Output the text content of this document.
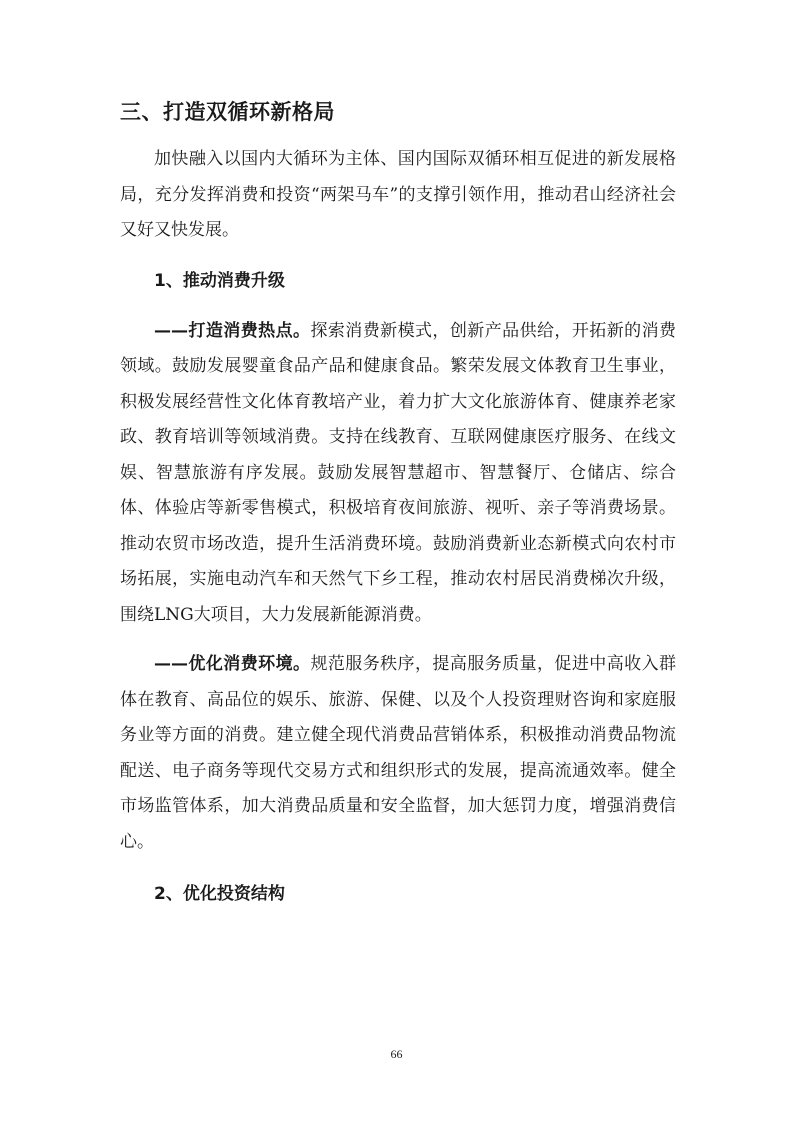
三、打造双循环新格局

加快融入以国内大循环为主体、国内国际双循环相互促进的新发展格局，充分发挥消费和投资“两架马车”的支撑引领作用，推动君山经济社会又好又快发展。

1、推动消费升级

——打造消费热点。探索消费新模式，创新产品供给，开拓新的消费领域。鼓励发展婴童食品产品和健康食品。繁荣发展文体教育卫生事业，积极发展经营性文化体育教培产业，着力扩大文化旅游体育、健康养老家政、教育培训等领域消费。支持在线教育、互联网健康医疗服务、在线文娱、智慧旅游有序发展。鼓励发展智慧超市、智慧餐厅、仓储店、综合体、体验店等新零售模式，积极培育夜间旅游、视听、亲子等消费场景。推动农贸市场改造，提升生活消费环境。鼓励消费新业态新模式向农村市场拓展，实施电动汽车和天然气下乡工程，推动农村居民消费梯次升级，围绕LNG大项目，大力发展新能源消费。

——优化消费环境。规范服务秩序，提高服务质量，促进中高收入群体在教育、高品位的娱乐、旅游、保健、以及个人投资理财咨询和家庭服务业等方面的消费。建立健全现代消费品营销体系，积极推动消费品物流配送、电子商务等现代交易方式和组织形式的发展，提高流通效率。健全市场监管体系，加大消费品质量和安全监督，加大惩罚力度，增强消费信心。

2、优化投资结构
66
